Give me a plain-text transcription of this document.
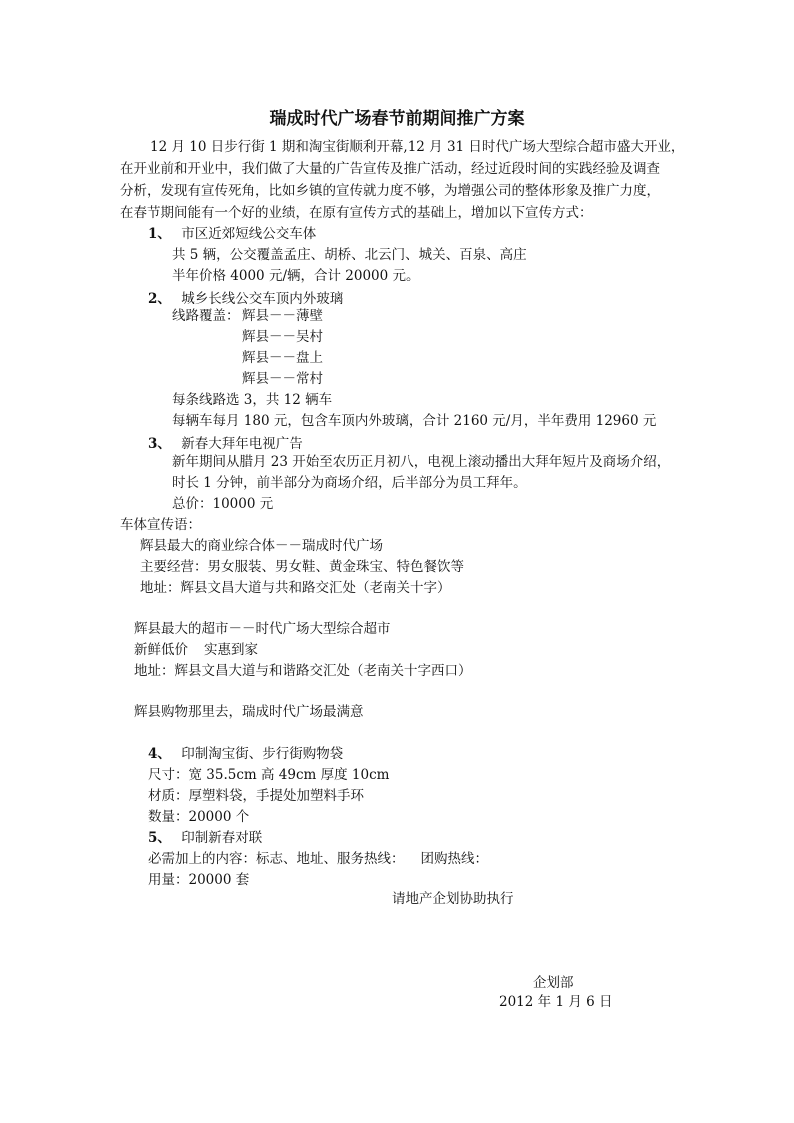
瑞成时代广场春节前期间推广方案
12 月 10 日步行街 1 期和淘宝街顺利开幕,12 月 31 日时代广场大型综合超市盛大开业，
在开业前和开业中，我们做了大量的广告宣传及推广活动，经过近段时间的实践经验及调查
分析，发现有宣传死角，比如乡镇的宣传就力度不够，为增强公司的整体形象及推广力度，
在春节期间能有一个好的业绩，在原有宣传方式的基础上，增加以下宣传方式：
1、 市区近郊短线公交车体
共 5 辆，公交覆盖孟庄、胡桥、北云门、城关、百泉、高庄
半年价格 4000 元/辆，合计 20000 元。
2、 城乡长线公交车顶内外玻璃
线路覆盖： 辉县－－薄壁
辉县－－吴村
辉县－－盘上
辉县－－常村
每条线路选 3，共 12 辆车
每辆车每月 180 元，包含车顶内外玻璃，合计 2160 元/月，半年费用 12960 元
3、 新春大拜年电视广告
新年期间从腊月 23 开始至农历正月初八，电视上滚动播出大拜年短片及商场介绍，
时长 1 分钟，前半部分为商场介绍，后半部分为员工拜年。
总价：10000 元
车体宣传语：
辉县最大的商业综合体－－瑞成时代广场
主要经营：男女服装、男女鞋、黄金珠宝、特色餐饮等
地址：辉县文昌大道与共和路交汇处（老南关十字）
辉县最大的超市－－时代广场大型综合超市
新鲜低价 实惠到家
地址：辉县文昌大道与和谐路交汇处（老南关十字西口）
辉县购物那里去，瑞成时代广场最满意
4、 印制淘宝街、步行街购物袋
尺寸：宽 35.5cm 高 49cm 厚度 10cm
材质：厚塑料袋，手提处加塑料手环
数量：20000 个
5、 印制新春对联
必需加上的内容：标志、地址、服务热线： 团购热线：
用量：20000 套
请地产企划协助执行
企划部
2012 年 1 月 6 日
